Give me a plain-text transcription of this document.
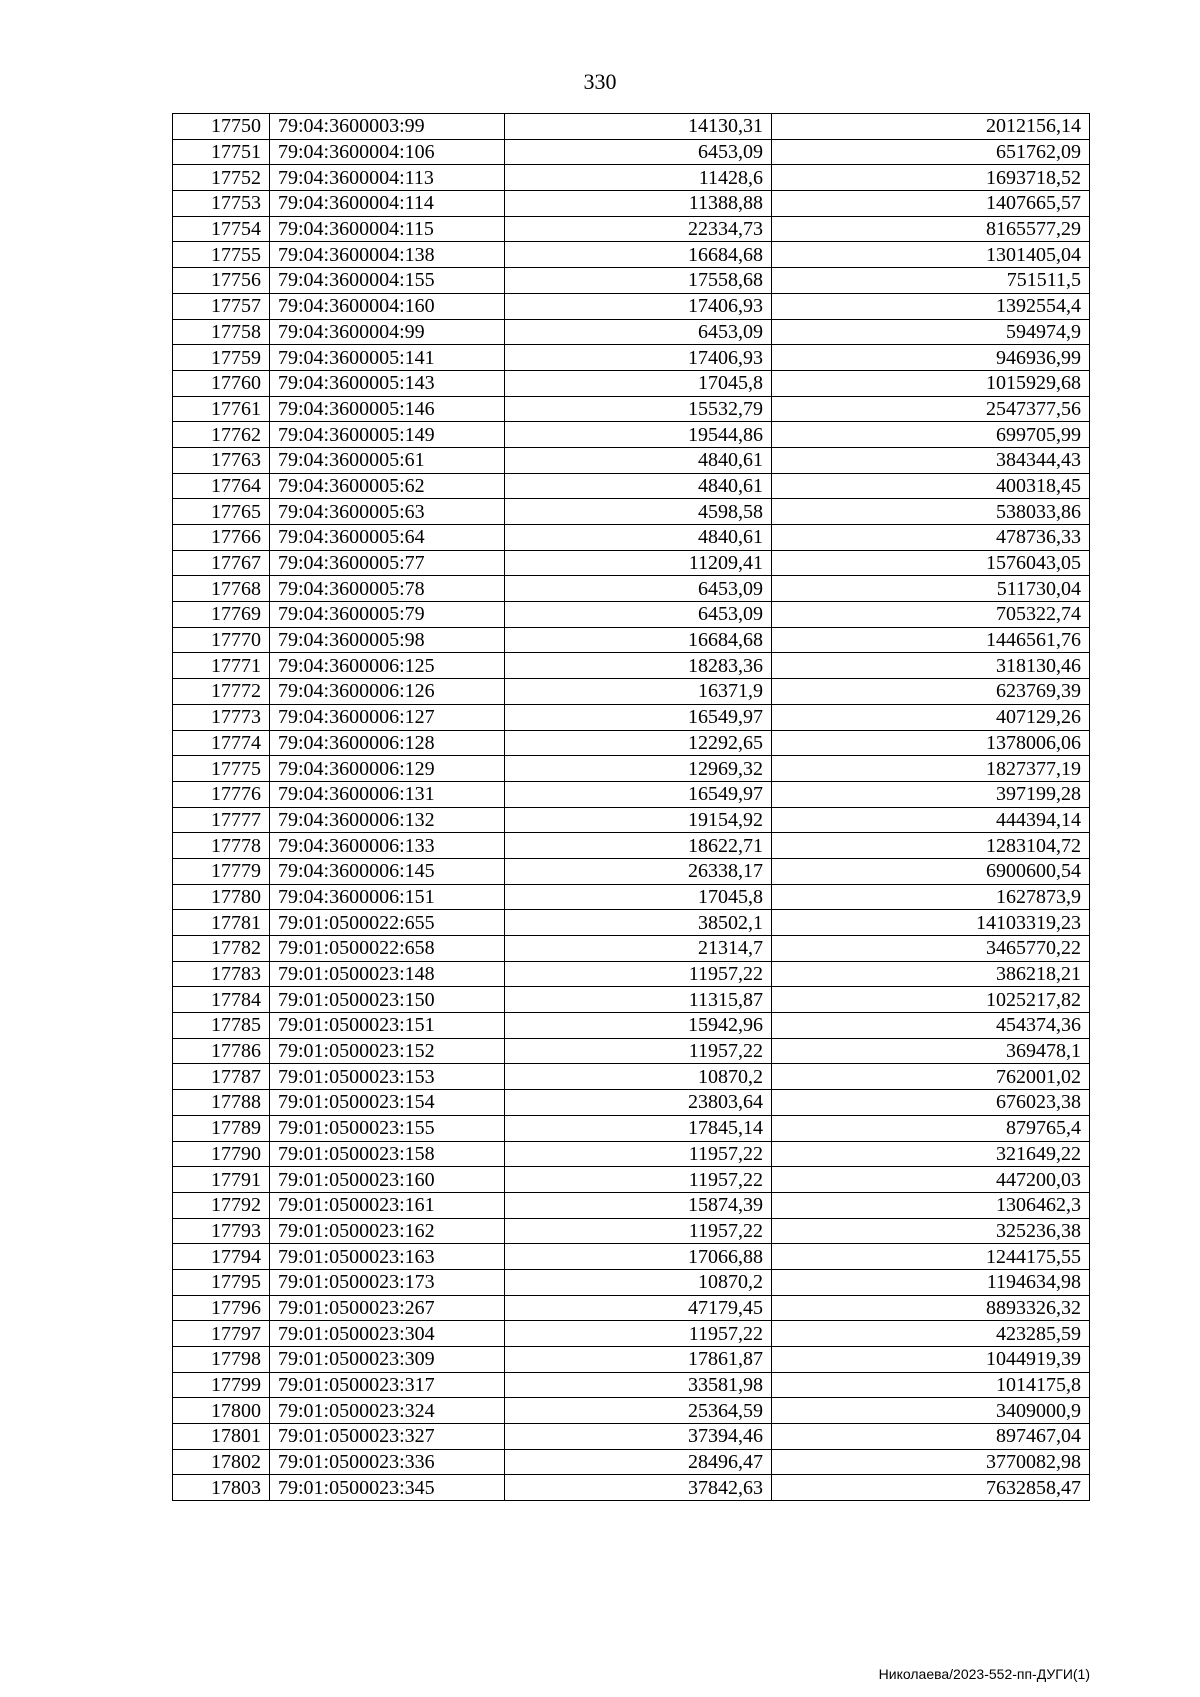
330
17750	79:04:3600003:99	14130,31	2012156,14
17751	79:04:3600004:106	6453,09	651762,09
17752	79:04:3600004:113	11428,6	1693718,52
17753	79:04:3600004:114	11388,88	1407665,57
17754	79:04:3600004:115	22334,73	8165577,29
17755	79:04:3600004:138	16684,68	1301405,04
17756	79:04:3600004:155	17558,68	751511,5
17757	79:04:3600004:160	17406,93	1392554,4
17758	79:04:3600004:99	6453,09	594974,9
17759	79:04:3600005:141	17406,93	946936,99
17760	79:04:3600005:143	17045,8	1015929,68
17761	79:04:3600005:146	15532,79	2547377,56
17762	79:04:3600005:149	19544,86	699705,99
17763	79:04:3600005:61	4840,61	384344,43
17764	79:04:3600005:62	4840,61	400318,45
17765	79:04:3600005:63	4598,58	538033,86
17766	79:04:3600005:64	4840,61	478736,33
17767	79:04:3600005:77	11209,41	1576043,05
17768	79:04:3600005:78	6453,09	511730,04
17769	79:04:3600005:79	6453,09	705322,74
17770	79:04:3600005:98	16684,68	1446561,76
17771	79:04:3600006:125	18283,36	318130,46
17772	79:04:3600006:126	16371,9	623769,39
17773	79:04:3600006:127	16549,97	407129,26
17774	79:04:3600006:128	12292,65	1378006,06
17775	79:04:3600006:129	12969,32	1827377,19
17776	79:04:3600006:131	16549,97	397199,28
17777	79:04:3600006:132	19154,92	444394,14
17778	79:04:3600006:133	18622,71	1283104,72
17779	79:04:3600006:145	26338,17	6900600,54
17780	79:04:3600006:151	17045,8	1627873,9
17781	79:01:0500022:655	38502,1	14103319,23
17782	79:01:0500022:658	21314,7	3465770,22
17783	79:01:0500023:148	11957,22	386218,21
17784	79:01:0500023:150	11315,87	1025217,82
17785	79:01:0500023:151	15942,96	454374,36
17786	79:01:0500023:152	11957,22	369478,1
17787	79:01:0500023:153	10870,2	762001,02
17788	79:01:0500023:154	23803,64	676023,38
17789	79:01:0500023:155	17845,14	879765,4
17790	79:01:0500023:158	11957,22	321649,22
17791	79:01:0500023:160	11957,22	447200,03
17792	79:01:0500023:161	15874,39	1306462,3
17793	79:01:0500023:162	11957,22	325236,38
17794	79:01:0500023:163	17066,88	1244175,55
17795	79:01:0500023:173	10870,2	1194634,98
17796	79:01:0500023:267	47179,45	8893326,32
17797	79:01:0500023:304	11957,22	423285,59
17798	79:01:0500023:309	17861,87	1044919,39
17799	79:01:0500023:317	33581,98	1014175,8
17800	79:01:0500023:324	25364,59	3409000,9
17801	79:01:0500023:327	37394,46	897467,04
17802	79:01:0500023:336	28496,47	3770082,98
17803	79:01:0500023:345	37842,63	7632858,47
Николаева/2023-552-пп-ДУГИ(1)
